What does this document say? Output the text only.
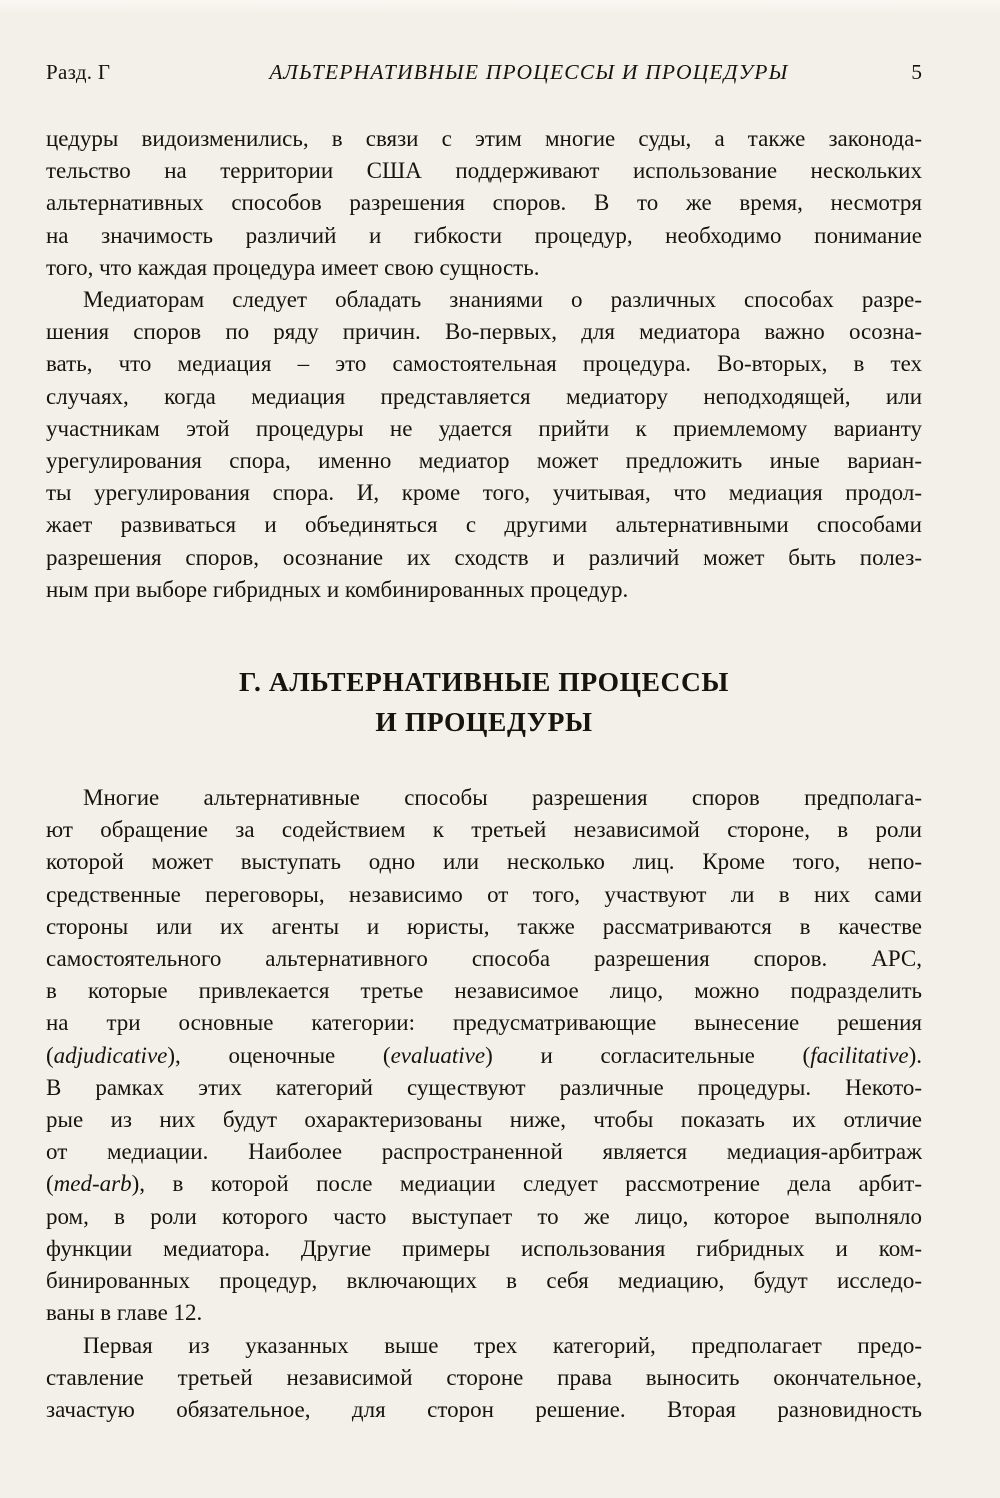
Разд. Г	АЛЬТЕРНАТИВНЫЕ ПРОЦЕССЫ И ПРОЦЕДУРЫ	5
цедуры видоизменились, в связи с этим многие суды, а также законода-
тельство на территории США поддерживают использование нескольких
альтернативных способов разрешения споров. В то же время, несмотря
на значимость различий и гибкости процедур, необходимо понимание
того, что каждая процедура имеет свою сущность.
Медиаторам следует обладать знаниями о различных способах разре-
шения споров по ряду причин. Во-первых, для медиатора важно осозна-
вать, что медиация – это самостоятельная процедура. Во-вторых, в тех
случаях, когда медиация представляется медиатору неподходящей, или
участникам этой процедуры не удается прийти к приемлемому варианту
урегулирования спора, именно медиатор может предложить иные вариан-
ты урегулирования спора. И, кроме того, учитывая, что медиация продол-
жает развиваться и объединяться с другими альтернативными способами
разрешения споров, осознание их сходств и различий может быть полез-
ным при выборе гибридных и комбинированных процедур.
Г. АЛЬТЕРНАТИВНЫЕ ПРОЦЕССЫ
И ПРОЦЕДУРЫ
Многие альтернативные способы разрешения споров предполага-
ют обращение за содействием к третьей независимой стороне, в роли
которой может выступать одно или несколько лиц. Кроме того, непо-
средственные переговоры, независимо от того, участвуют ли в них сами
стороны или их агенты и юристы, также рассматриваются в качестве
самостоятельного альтернативного способа разрешения споров. АРС,
в которые привлекается третье независимое лицо, можно подразделить
на три основные категории: предусматривающие вынесение решения
(adjudicative), оценочные (evaluative) и согласительные (facilitative).
В рамках этих категорий существуют различные процедуры. Некото-
рые из них будут охарактеризованы ниже, чтобы показать их отличие
от медиации. Наиболее распространенной является медиация-арбитраж
(med-arb), в которой после медиации следует рассмотрение дела арбит-
ром, в роли которого часто выступает то же лицо, которое выполняло
функции медиатора. Другие примеры использования гибридных и ком-
бинированных процедур, включающих в себя медиацию, будут исследо-
ваны в главе 12.
Первая из указанных выше трех категорий, предполагает предо-
ставление третьей независимой стороне права выносить окончательное,
зачастую обязательное, для сторон решение. Вторая разновидность
